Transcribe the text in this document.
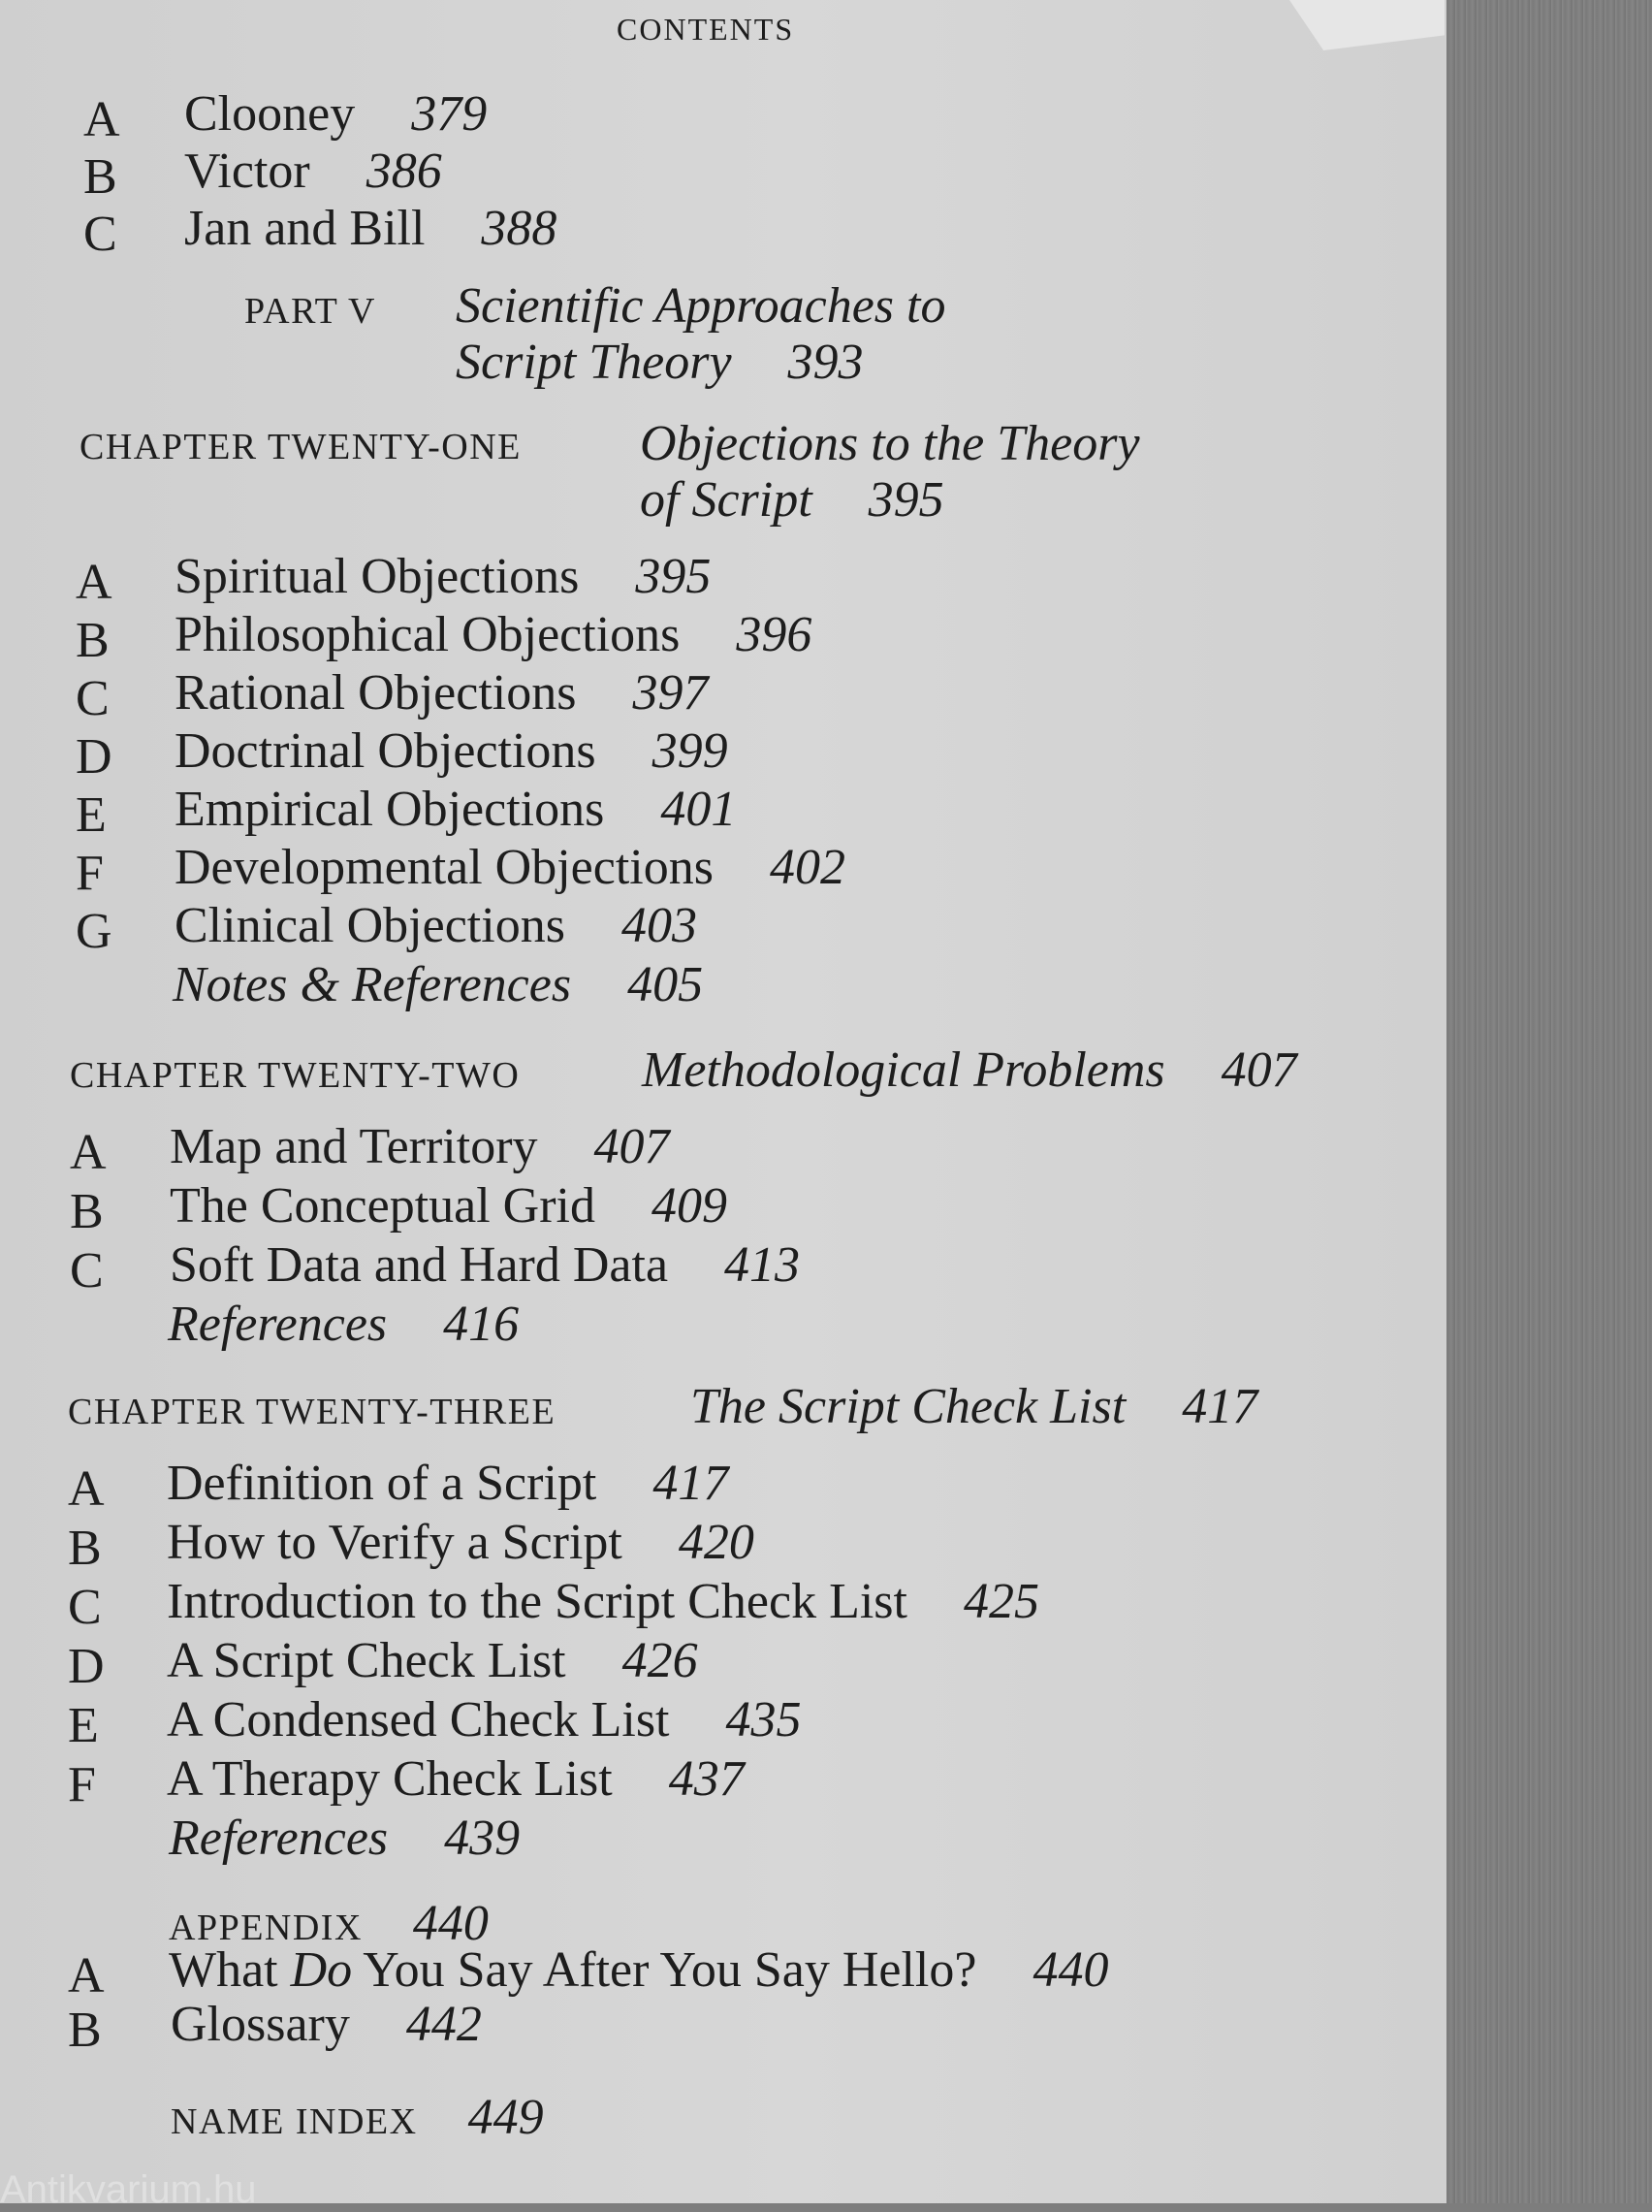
CONTENTS
A Clooney 379
B Victor 386
C Jan and Bill 388
PART V Scientific Approaches to
Script Theory 393
CHAPTER TWENTY-ONE Objections to the Theory
of Script 395
A Spiritual Objections 395
B Philosophical Objections 396
C Rational Objections 397
D Doctrinal Objections 399
E Empirical Objections 401
F Developmental Objections 402
G Clinical Objections 403
Notes & References 405
CHAPTER TWENTY-TWO Methodological Problems 407
A Map and Territory 407
B The Conceptual Grid 409
C Soft Data and Hard Data 413
References 416
CHAPTER TWENTY-THREE	The Script Check List 417
A Definition of a Script 417
B How to Verify a Script 420
C Introduction to the Script Check List 425
D A Script Check List 426
E A Condensed Check List 435
F A Therapy Check List 437
References 439
APPENDIX 440
A What Do You Say After You Say Hello? 440
B Glossary 442
NAME INDEX 449
Antikvarium.hu
